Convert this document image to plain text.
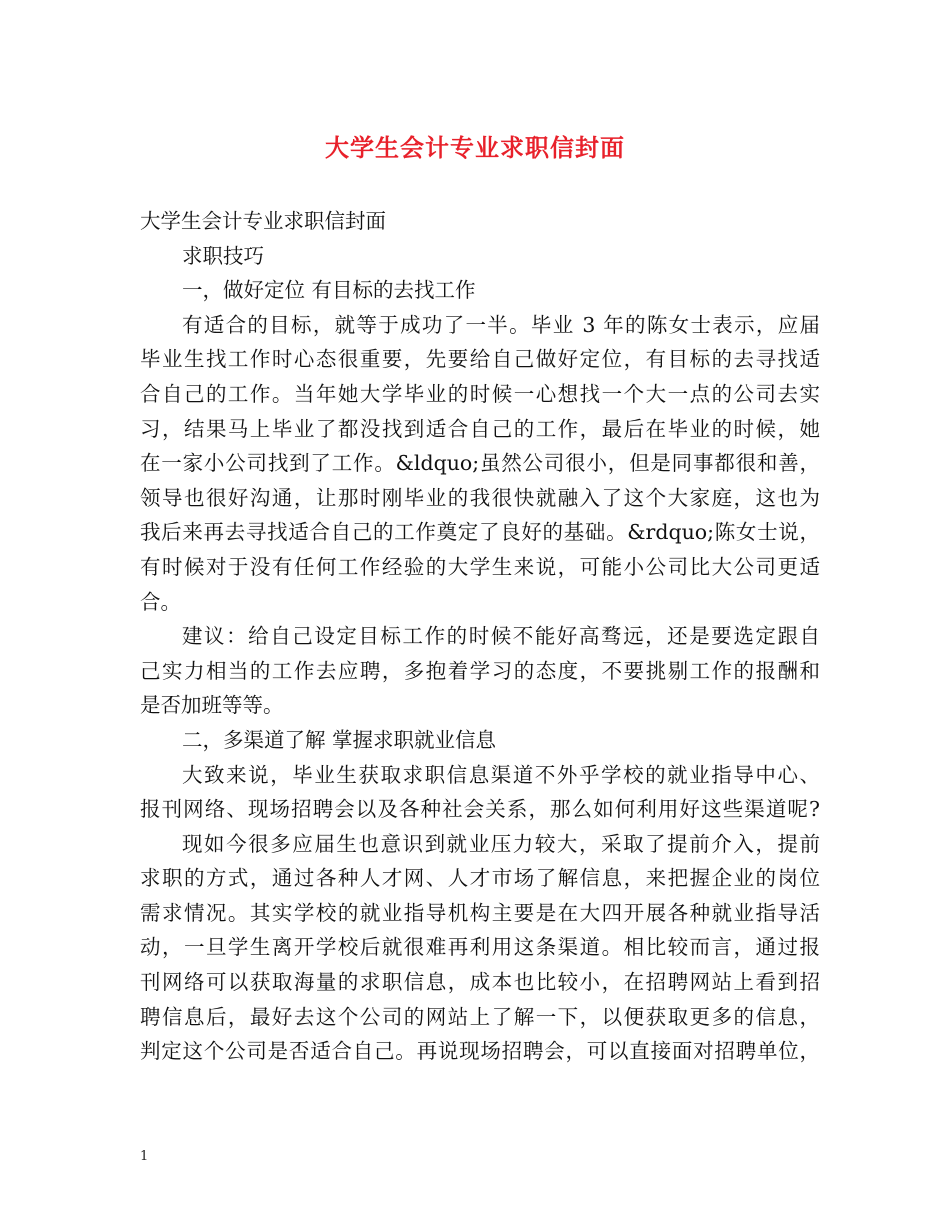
大学生会计专业求职信封面
大学生会计专业求职信封面
求职技巧
一，做好定位 有目标的去找工作
有适合的目标，就等于成功了一半。毕业 3 年的陈女士表示，应届
毕业生找工作时心态很重要，先要给自己做好定位，有目标的去寻找适
合自己的工作。当年她大学毕业的时候一心想找一个大一点的公司去实
习，结果马上毕业了都没找到适合自己的工作，最后在毕业的时候，她
在一家小公司找到了工作。&ldquo;虽然公司很小，但是同事都很和善，
领导也很好沟通，让那时刚毕业的我很快就融入了这个大家庭，这也为
我后来再去寻找适合自己的工作奠定了良好的基础。&rdquo;陈女士说，
有时候对于没有任何工作经验的大学生来说，可能小公司比大公司更适
合。
建议：给自己设定目标工作的时候不能好高骛远，还是要选定跟自
己实力相当的工作去应聘，多抱着学习的态度，不要挑剔工作的报酬和
是否加班等等。
二，多渠道了解 掌握求职就业信息
大致来说，毕业生获取求职信息渠道不外乎学校的就业指导中心、
报刊网络、现场招聘会以及各种社会关系，那么如何利用好这些渠道呢?
现如今很多应届生也意识到就业压力较大，采取了提前介入，提前
求职的方式，通过各种人才网、人才市场了解信息，来把握企业的岗位
需求情况。其实学校的就业指导机构主要是在大四开展各种就业指导活
动，一旦学生离开学校后就很难再利用这条渠道。相比较而言，通过报
刊网络可以获取海量的求职信息，成本也比较小，在招聘网站上看到招
聘信息后，最好去这个公司的网站上了解一下，以便获取更多的信息，
判定这个公司是否适合自己。再说现场招聘会，可以直接面对招聘单位，
1
